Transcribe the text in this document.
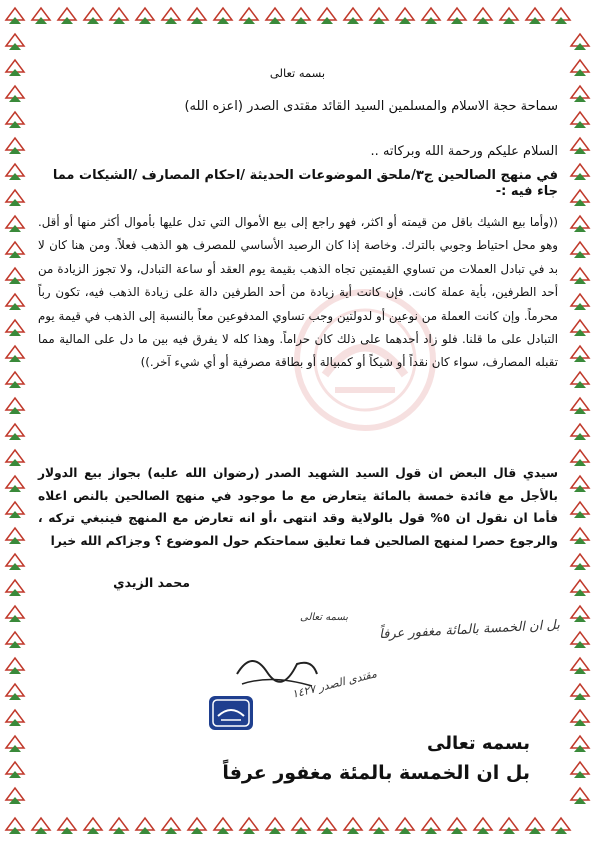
بسمه تعالى
سماحة حجة الاسلام والمسلمين السيد القائد مقتدى الصدر (اعزه الله)
السلام عليكم ورحمة الله وبركاته ..
في منهج الصالحين ج٣/ملحق الموضوعات الحديثة /احكام المصارف /الشيكات مما جاء فيه :-
((وأما بيع الشيك باقل من قيمته أو اكثر، فهو راجع إلى بيع الأموال التي تدل عليها بأموال أكثر منها أو أقل. وهو محل احتياط وجوبي بالترك. وخاصة إذا كان الرصيد الأساسي للمصرف هو الذهب فعلاً. ومن هنا كان لا بد في تبادل العملات من تساوي القيمتين تجاه الذهب بقيمة يوم العقد أو ساعة التبادل، ولا تجوز الزيادة من أحد الطرفين، بأية عملة كانت. فإن كانت أية زيادة من أحد الطرفين دالة على زيادة الذهب فيه، تكون رباً محرماً. وإن كانت العملة من نوعين أو لدولتين وجب تساوي المدفوعين معاً بالنسبة إلى الذهب في قيمة يوم التبادل على ما قلنا. فلو زاد أحدهما على ذلك كان حراماً. وهذا كله لا يفرق فيه بين ما دل على المالية مما تقبله المصارف، سواء كان نقداً أو شيكاً أو كمبيالة أو بطاقة مصرفية أو أي شيء آخر.))
سيدي قال البعض ان قول السيد الشهيد الصدر (رضوان الله عليه) بجواز بيع الدولار بالأجل مع فائدة خمسة بالمائة يتعارض مع ما موجود في منهج الصالحين بالنص اعلاه فأما ان نقول ان ٥% قول بالولاية وقد انتهى ،أو انه تعارض مع المنهج فينبغي تركه ، والرجوع حصرا لمنهج الصالحين فما تعليق سماحتكم حول الموضوع ؟ وجزاكم الله خيرا
محمد الزيدي
بسمه تعالى
بل ان الخمسة بالمائة مغفور عرفاً
مقتدى الصدر ١٤٢٧
بسمه تعالى
بل ان الخمسة بالمئة مغفور عرفاً
